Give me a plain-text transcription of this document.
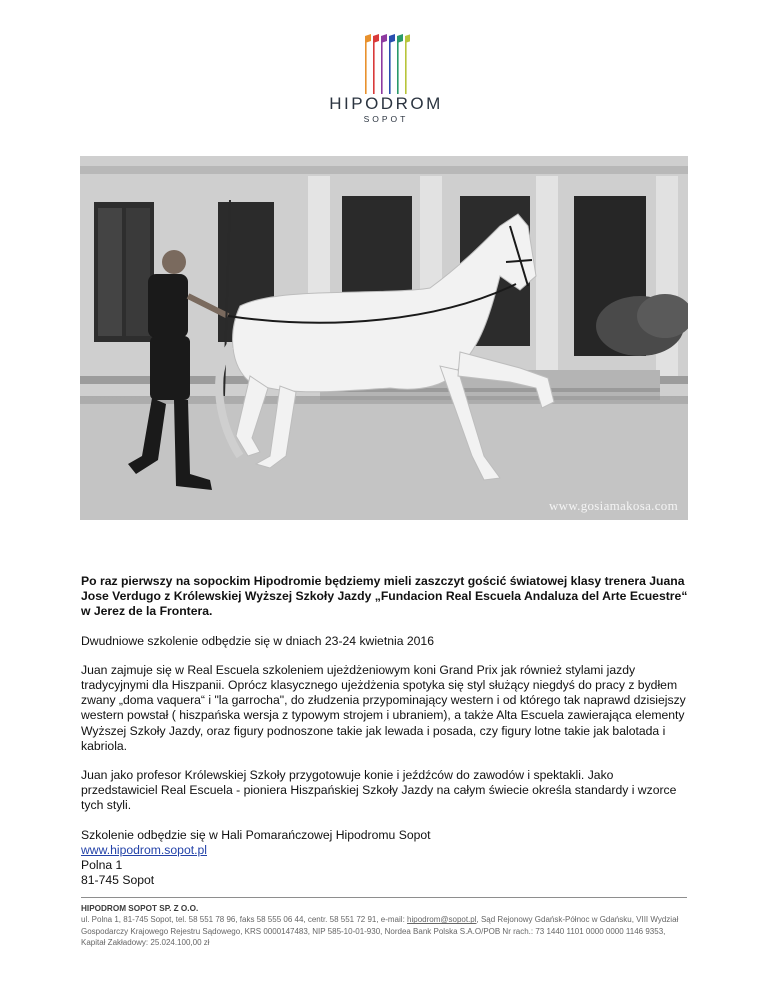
HIPODROM
SOPOT
www.gosiamakosa.com

Po raz pierwszy na sopockim Hipodromie będziemy mieli zaszczyt gościć światowej klasy trenera Juana Jose Verdugo z Królewskiej Wyższej Szkoły Jazdy „Fundacion Real Escuela Andaluza del Arte Ecuestre“ w Jerez de la Frontera.

Dwudniowe szkolenie odbędzie się w dniach 23-24 kwietnia 2016

Juan zajmuje się w Real Escuela szkoleniem ujeżdżeniowym koni Grand Prix jak również stylami jazdy tradycyjnymi dla Hiszpanii. Oprócz klasycznego ujeżdżenia spotyka się styl służący niegdyś do pracy z bydłem zwany „doma vaquera“ i "la garrocha", do złudzenia przypominający western i od którego tak naprawd dzisiejszy western powstał ( hiszpańska wersja z typowym strojem i ubraniem), a także Alta Escuela zawierająca elementy Wyższej Szkoły Jazdy, oraz figury podnoszone takie jak lewada i posada, czy figury lotne takie jak balotada i kabriola.

Juan jako profesor Królewskiej Szkoły przygotowuje konie i jeźdźców do zawodów i spektakli. Jako przedstawiciel Real Escuela - pioniera Hiszpańskiej Szkoły Jazdy na całym świecie określa standardy i wzorce tych styli.

Szkolenie odbędzie się w Hali Pomarańczowej Hipodromu Sopot

www.hipodrom.sopot.pl

Polna 1

81-745 Sopot

HIPODROM SOPOT SP. Z O.O.
ul. Polna 1, 81-745 Sopot, tel. 58 551 78 96, faks 58 555 06 44, centr. 58 551 72 91, e-mail: hipodrom@sopot.pl, Sąd Rejonowy Gdańsk-Północ w Gdańsku, VIII Wydział Gospodarczy Krajowego Rejestru Sądowego, KRS 0000147483, NIP 585-10-01-930, Nordea Bank Polska S.A.O/POB Nr rach.: 73 1440 1101 0000 0000 1146 9353, Kapitał Zakładowy: 25.024.100,00 zł
